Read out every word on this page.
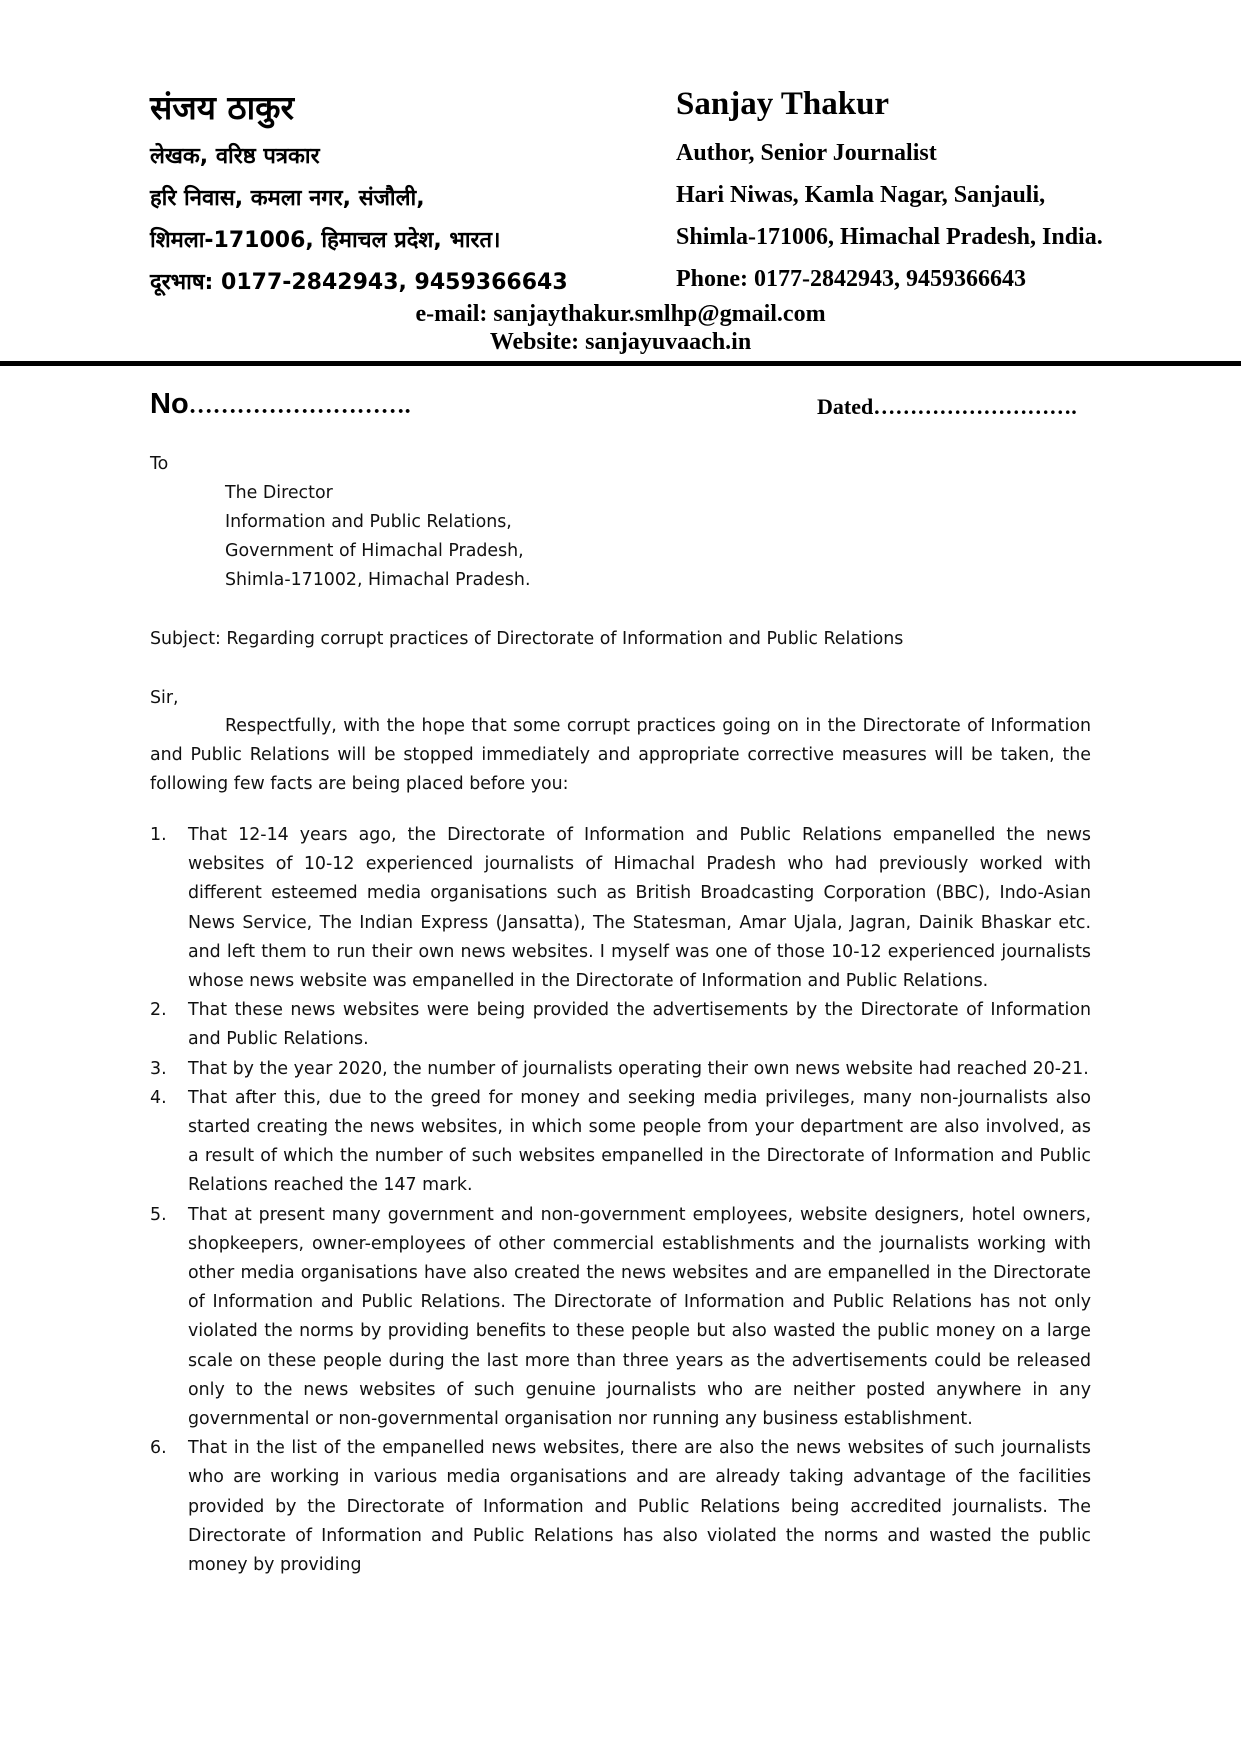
संजय ठाकुर
लेखक, वरिष्ठ पत्रकार
हरि निवास, कमला नगर, संजौली,
शिमला-171006, हिमाचल प्रदेश, भारत।
दूरभाष: 0177-2842943, 9459366643
Sanjay Thakur
Author, Senior Journalist
Hari Niwas, Kamla Nagar, Sanjauli,
Shimla-171006, Himachal Pradesh, India.
Phone: 0177-2842943, 9459366643
e-mail: sanjaythakur.smlhp@gmail.com
Website: sanjayuvaach.in
No……………………….	Dated……………………….
To
The Director
Information and Public Relations,
Government of Himachal Pradesh,
Shimla-171002, Himachal Pradesh.
Subject: Regarding corrupt practices of Directorate of Information and Public Relations
Sir,
Respectfully, with the hope that some corrupt practices going on in the Directorate of Information and Public Relations will be stopped immediately and appropriate corrective measures will be taken, the following few facts are being placed before you:
1. That 12-14 years ago, the Directorate of Information and Public Relations empanelled the news websites of 10-12 experienced journalists of Himachal Pradesh who had previously worked with different esteemed media organisations such as British Broadcasting Corporation (BBC), Indo-Asian News Service, The Indian Express (Jansatta), The Statesman, Amar Ujala, Jagran, Dainik Bhaskar etc. and left them to run their own news websites. I myself was one of those 10-12 experienced journalists whose news website was empanelled in the Directorate of Information and Public Relations.
2. That these news websites were being provided the advertisements by the Directorate of Information and Public Relations.
3. That by the year 2020, the number of journalists operating their own news website had reached 20-21.
4. That after this, due to the greed for money and seeking media privileges, many non-journalists also started creating the news websites, in which some people from your department are also involved, as a result of which the number of such websites empanelled in the Directorate of Information and Public Relations reached the 147 mark.
5. That at present many government and non-government employees, website designers, hotel owners, shopkeepers, owner-employees of other commercial establishments and the journalists working with other media organisations have also created the news websites and are empanelled in the Directorate of Information and Public Relations. The Directorate of Information and Public Relations has not only violated the norms by providing benefits to these people but also wasted the public money on a large scale on these people during the last more than three years as the advertisements could be released only to the news websites of such genuine journalists who are neither posted anywhere in any governmental or non-governmental organisation nor running any business establishment.
6. That in the list of the empanelled news websites, there are also the news websites of such journalists who are working in various media organisations and are already taking advantage of the facilities provided by the Directorate of Information and Public Relations being accredited journalists. The Directorate of Information and Public Relations has also violated the norms and wasted the public money by providing
